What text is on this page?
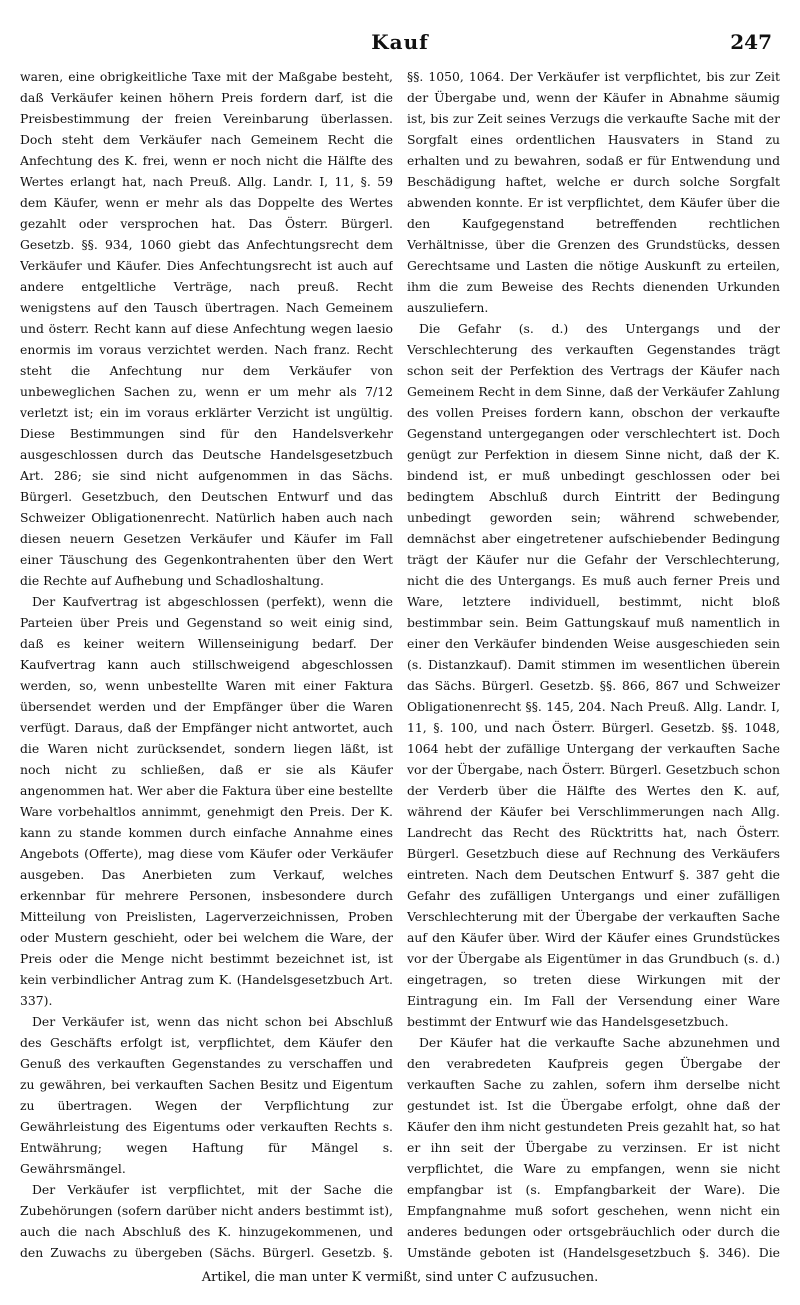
Kauf	247

waren, eine obrigkeitliche Taxe mit der Maßgabe besteht, daß Verkäufer keinen höhern Preis fordern darf, ist die Preisbestimmung der freien Vereinbarung überlassen. Doch steht dem Verkäufer nach Gemeinem Recht die Anfechtung des K. frei, wenn er noch nicht die Hälfte des Wertes erlangt hat, nach Preuß. Allg. Landr. I, 11, §. 59 dem Käufer, wenn er mehr als das Doppelte des Wertes gezahlt oder versprochen hat. Das Österr. Bürgerl. Gesetzb. §§. 934, 1060 giebt das Anfechtungsrecht dem Verkäufer und Käufer. Dies Anfechtungsrecht ist auch auf andere entgeltliche Verträge, nach preuß. Recht wenigstens auf den Tausch übertragen. Nach Gemeinem und österr. Recht kann auf diese Anfechtung wegen laesio enormis im voraus verzichtet werden. Nach franz. Recht steht die Anfechtung nur dem Verkäufer von unbeweglichen Sachen zu, wenn er um mehr als 7/12 verletzt ist; ein im voraus erklärter Verzicht ist ungültig. Diese Bestimmungen sind für den Handelsverkehr ausgeschlossen durch das Deutsche Handelsgesetzbuch Art. 286; sie sind nicht aufgenommen in das Sächs. Bürgerl. Gesetzbuch, den Deutschen Entwurf und das Schweizer Obligationenrecht. Natürlich haben auch nach diesen neuern Gesetzen Verkäufer und Käufer im Fall einer Täuschung des Gegenkontrahenten über den Wert die Rechte auf Aufhebung und Schadloshaltung.

Der Kaufvertrag ist abgeschlossen (perfekt), wenn die Parteien über Preis und Gegenstand so weit einig sind, daß es keiner weitern Willenseinigung bedarf. Der Kaufvertrag kann auch stillschweigend abgeschlossen werden, so, wenn unbestellte Waren mit einer Faktura übersendet werden und der Empfänger über die Waren verfügt. Daraus, daß der Empfänger nicht antwortet, auch die Waren nicht zurücksendet, sondern liegen läßt, ist noch nicht zu schließen, daß er sie als Käufer angenommen hat. Wer aber die Faktura über eine bestellte Ware vorbehaltlos annimmt, genehmigt den Preis. Der K. kann zu stande kommen durch einfache Annahme eines Angebots (Offerte), mag diese vom Käufer oder Verkäufer ausgeben. Das Anerbieten zum Verkauf, welches erkennbar für mehrere Personen, insbesondere durch Mitteilung von Preislisten, Lagerverzeichnissen, Proben oder Mustern geschieht, oder bei welchem die Ware, der Preis oder die Menge nicht bestimmt bezeichnet ist, ist kein verbindlicher Antrag zum K. (Handelsgesetzbuch Art. 337).

Der Verkäufer ist, wenn das nicht schon bei Abschluß des Geschäfts erfolgt ist, verpflichtet, dem Käufer den Genuß des verkauften Gegenstandes zu verschaffen und zu gewähren, bei verkauften Sachen Besitz und Eigentum zu übertragen. Wegen der Verpflichtung zur Gewährleistung des Eigentums oder verkauften Rechts s. Entwährung; wegen Haftung für Mängel s. Gewährsmängel.

Der Verkäufer ist verpflichtet, mit der Sache die Zubehörungen (sofern darüber nicht anders bestimmt ist), auch die nach Abschluß des K. hinzugekommenen, und den Zuwachs zu übergeben (Sächs. Bürgerl. Gesetzb. §.

§§. 1050, 1064. Der Verkäufer ist verpflichtet, bis zur Zeit der Übergabe und, wenn der Käufer in Abnahme säumig ist, bis zur Zeit seines Verzugs die verkaufte Sache mit der Sorgfalt eines ordentlichen Hausvaters in Stand zu erhalten und zu bewahren, sodaß er für Entwendung und Beschädigung haftet, welche er durch solche Sorgfalt abwenden konnte. Er ist verpflichtet, dem Käufer über die den Kaufgegenstand betreffenden rechtlichen Verhältnisse, über die Grenzen des Grundstücks, dessen Gerechtsame und Lasten die nötige Auskunft zu erteilen, ihm die zum Beweise des Rechts dienenden Urkunden auszuliefern.

Die Gefahr (s. d.) des Untergangs und der Verschlechterung des verkauften Gegenstandes trägt schon seit der Perfektion des Vertrags der Käufer nach Gemeinem Recht in dem Sinne, daß der Verkäufer Zahlung des vollen Preises fordern kann, obschon der verkaufte Gegenstand untergegangen oder verschlechtert ist. Doch genügt zur Perfektion in diesem Sinne nicht, daß der K. bindend ist, er muß unbedingt geschlossen oder bei bedingtem Abschluß durch Eintritt der Bedingung unbedingt geworden sein; während schwebender, demnächst aber eingetretener aufschiebender Bedingung trägt der Käufer nur die Gefahr der Verschlechterung, nicht die des Untergangs. Es muß auch ferner Preis und Ware, letztere individuell, bestimmt, nicht bloß bestimmbar sein. Beim Gattungskauf muß namentlich in einer den Verkäufer bindenden Weise ausgeschieden sein (s. Distanzkauf). Damit stimmen im wesentlichen überein das Sächs. Bürgerl. Gesetzb. §§. 866, 867 und Schweizer Obligationenrecht §§. 145, 204. Nach Preuß. Allg. Landr. I, 11, §. 100, und nach Österr. Bürgerl. Gesetzb. §§. 1048, 1064 hebt der zufällige Untergang der verkauften Sache vor der Übergabe, nach Österr. Bürgerl. Gesetzbuch schon der Verderb über die Hälfte des Wertes den K. auf, während der Käufer bei Verschlimmerungen nach Allg. Landrecht das Recht des Rücktritts hat, nach Österr. Bürgerl. Gesetzbuch diese auf Rechnung des Verkäufers eintreten. Nach dem Deutschen Entwurf §. 387 geht die Gefahr des zufälligen Untergangs und einer zufälligen Verschlechterung mit der Übergabe der verkauften Sache auf den Käufer über. Wird der Käufer eines Grundstückes vor der Übergabe als Eigentümer in das Grundbuch (s. d.) eingetragen, so treten diese Wirkungen mit der Eintragung ein. Im Fall der Versendung einer Ware bestimmt der Entwurf wie das Handelsgesetzbuch.

Der Käufer hat die verkaufte Sache abzunehmen und den verabredeten Kaufpreis gegen Übergabe der verkauften Sache zu zahlen, sofern ihm derselbe nicht gestundet ist. Ist die Übergabe erfolgt, ohne daß der Käufer den ihm nicht gestundeten Preis gezahlt hat, so hat er ihn seit der Übergabe zu verzinsen. Er ist nicht verpflichtet, die Ware zu empfangen, wenn sie nicht empfangbar ist (s. Empfangbarkeit der Ware). Die Empfangnahme muß sofort geschehen, wenn nicht ein anderes bedungen oder ortsgebräuchlich oder durch die Umstände geboten ist (Handelsgesetzbuch §. 346). Die

Artikel, die man unter K vermißt, sind unter C aufzusuchen.
